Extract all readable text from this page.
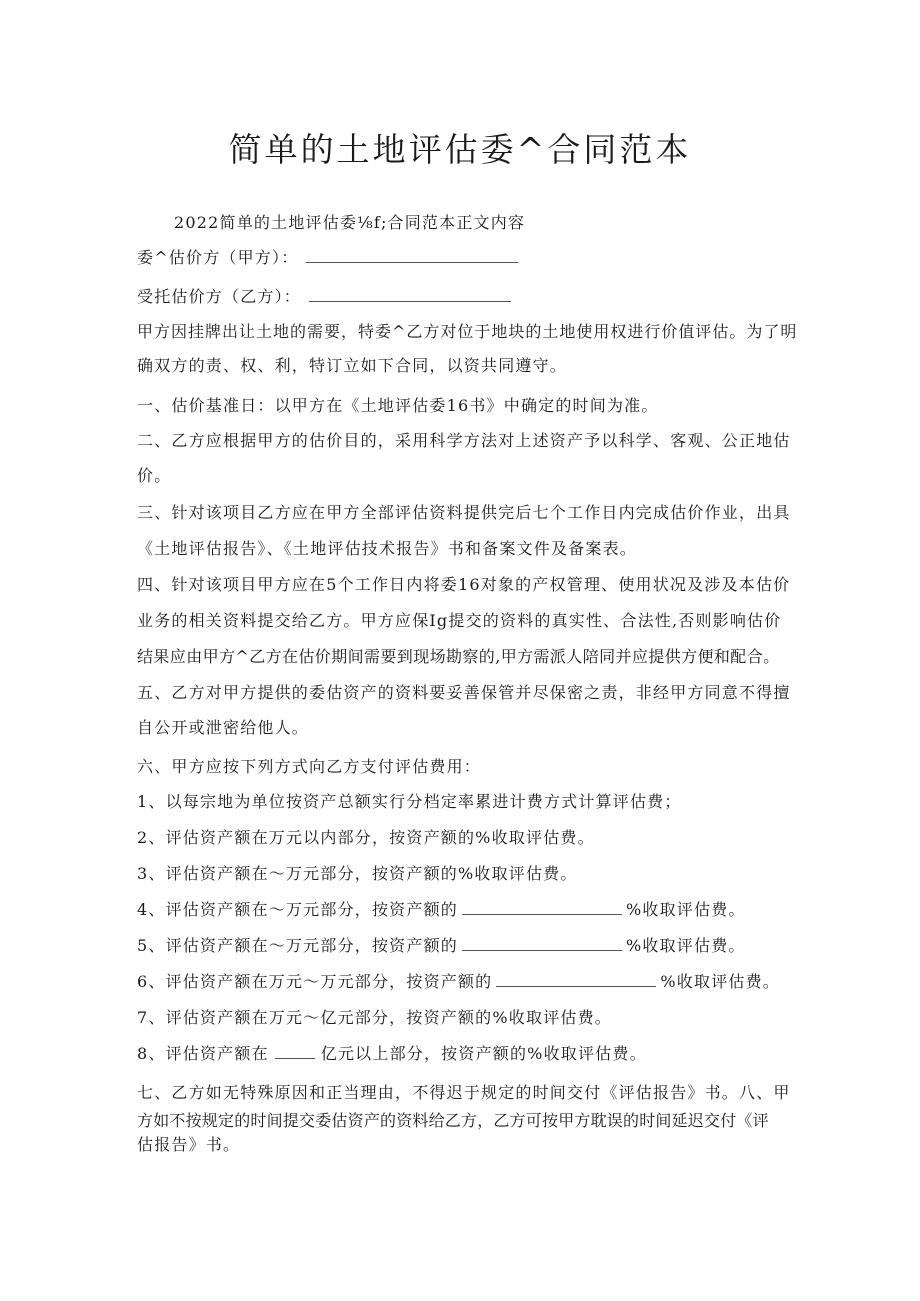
简单的土地评估委^合同范本
2022简单的土地评估委⅛f;合同范本正文内容
委^估价方（甲方）：
受托估价方（乙方）：
甲方因挂牌出让土地的需要，特委^乙方对位于地块的土地使用权进行价值评估。为了明
确双方的责、权、利，特订立如下合同，以资共同遵守。
一、估价基准日：以甲方在《土地评估委16书》中确定的时间为准。
二、乙方应根据甲方的估价目的，采用科学方法对上述资产予以科学、客观、公正地估
价。
三、针对该项目乙方应在甲方全部评估资料提供完后七个工作日内完成估价作业，出具
《土地评估报告》、《土地评估技术报告》书和备案文件及备案表。
四、针对该项目甲方应在5个工作日内将委16对象的产权管理、使用状况及涉及本估价
业务的相关资料提交给乙方。甲方应保Ig提交的资料的真实性、合法性,否则影响估价
结果应由甲方^乙方在估价期间需要到现场勘察的,甲方需派人陪同并应提供方便和配合。
五、乙方对甲方提供的委估资产的资料要妥善保管并尽保密之责，非经甲方同意不得擅
自公开或泄密给他人。
六、甲方应按下列方式向乙方支付评估费用：
1、以每宗地为单位按资产总额实行分档定率累进计费方式计算评估费；
2、评估资产额在万元以内部分，按资产额的%收取评估费。
3、评估资产额在〜万元部分，按资产额的%收取评估费。
4、评估资产额在〜万元部分，按资产额的	%收取评估费。
5、评估资产额在〜万元部分，按资产额的	%收取评估费。
6、评估资产额在万元〜万元部分，按资产额的	%收取评估费。
7、评估资产额在万元〜亿元部分，按资产额的%收取评估费。
8、评估资产额在	亿元以上部分，按资产额的%收取评估费。
七、乙方如无特殊原因和正当理由，不得迟于规定的时间交付《评估报告》书。八、甲
方如不按规定的时间提交委估资产的资料给乙方，乙方可按甲方耽误的时间延迟交付《评
估报告》书。
